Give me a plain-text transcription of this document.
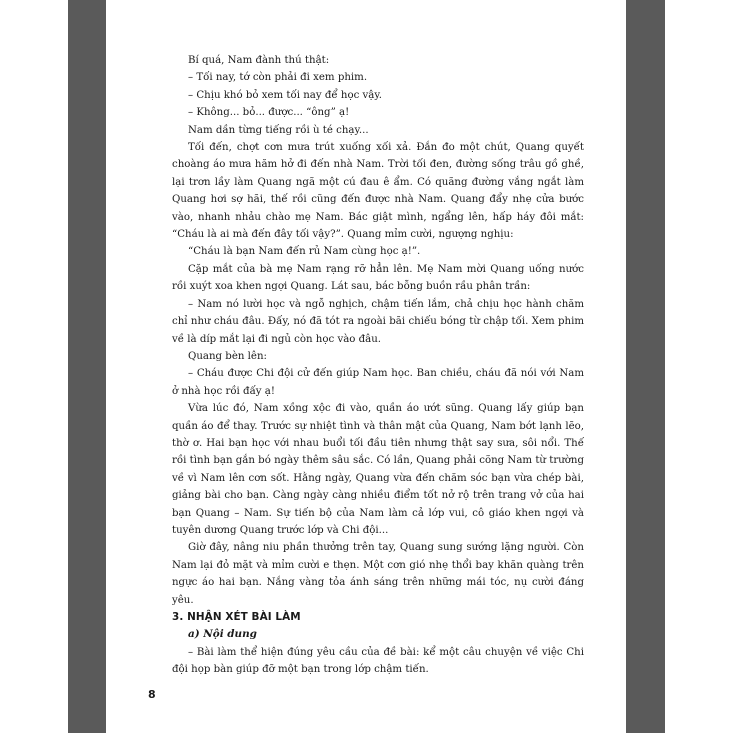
Bí quá, Nam đành thú thật:

– Tối nay, tớ còn phải đi xem phim.

– Chịu khó bỏ xem tối nay để học vậy.

– Không... bỏ... được... “ông” ạ!

Nam dần từng tiếng rồi ù té chạy...

Tối đến, chợt cơn mưa trút xuống xối xả. Đắn đo một chút, Quang quyết choàng áo mưa hăm hở đi đến nhà Nam. Trời tối đen, đường sống trâu gồ ghề, lại trơn lầy làm Quang ngã một cú đau ê ẩm. Có quãng đường vắng ngắt làm Quang hơi sợ hãi, thế rồi cũng đến được nhà Nam. Quang đẩy nhẹ cửa bước vào, nhanh nhảu chào mẹ Nam. Bác giật mình, ngẩng lên, hấp háy đôi mắt: “Cháu là ai mà đến đây tối vậy?”. Quang mỉm cười, ngượng nghịu:

“Cháu là bạn Nam đến rủ Nam cùng học ạ!”.

Cặp mắt của bà mẹ Nam rạng rỡ hẳn lên. Mẹ Nam mời Quang uống nước rồi xuýt xoa khen ngợi Quang. Lát sau, bác bỗng buồn rầu phân trần:

– Nam nó lười học và ngỗ nghịch, chậm tiến lắm, chả chịu học hành chăm chỉ như cháu đâu. Đấy, nó đã tót ra ngoài bãi chiếu bóng từ chập tối. Xem phim về là díp mắt lại đi ngủ còn học vào đâu.

Quang bèn lên:

– Cháu được Chi đội cử đến giúp Nam học. Ban chiều, cháu đã nói với Nam ở nhà học rồi đấy ạ!

Vừa lúc đó, Nam xồng xộc đi vào, quần áo ướt sũng. Quang lấy giúp bạn quần áo để thay. Trước sự nhiệt tình và thân mật của Quang, Nam bớt lạnh lẽo, thờ ơ. Hai bạn học với nhau buổi tối đầu tiên nhưng thật say sưa, sôi nổi. Thế rồi tình bạn gắn bó ngày thêm sâu sắc. Có lần, Quang phải cõng Nam từ trường về vì Nam lên cơn sốt. Hằng ngày, Quang vừa đến chăm sóc bạn vừa chép bài, giảng bài cho bạn. Càng ngày càng nhiều điểm tốt nở rộ trên trang vở của hai bạn Quang – Nam. Sự tiến bộ của Nam làm cả lớp vui, cô giáo khen ngợi và tuyên dương Quang trước lớp và Chi đội...

Giờ đây, nâng niu phần thưởng trên tay, Quang sung sướng lặng người. Còn Nam lại đỏ mặt và mỉm cười e thẹn. Một cơn gió nhẹ thổi bay khăn quàng trên ngực áo hai bạn. Nắng vàng tỏa ánh sáng trên những mái tóc, nụ cười đáng yêu.

3. NHẬN XÉT BÀI LÀM

a) Nội dung

– Bài làm thể hiện đúng yêu cầu của đề bài: kể một câu chuyện về việc Chi đội họp bàn giúp đỡ một bạn trong lớp chậm tiến.

8
